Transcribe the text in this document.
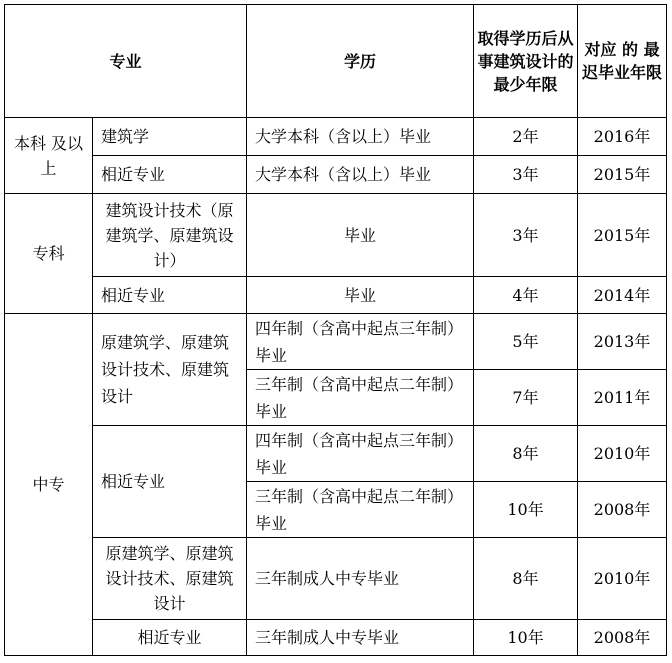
专业		学历	取得学历后从事建筑设计的 最少年限	对应 的 最迟毕业年限
本科 及以上	建筑学	大学本科（含以上）毕业	2年	2016年
	相近专业	大学本科（含以上）毕业	3年	2015年
专科	建筑设计技术（原建筑学、原建筑设计）	毕业	3年	2015年
	相近专业	毕业	4年	2014年
中专	原建筑学、原建筑设计技术、原建筑设计	四年制（含高中起点三年制）毕业	5年	2013年
		三年制（含高中起点二年制）毕业	7年	2011年
	相近专业	四年制（含高中起点三年制）毕业	8年	2010年
		三年制（含高中起点二年制）毕业	10年	2008年
	原建筑学、原建筑设计技术、原建筑设计	三年制成人中专毕业	8年	2010年
	相近专业	三年制成人中专毕业	10年	2008年
